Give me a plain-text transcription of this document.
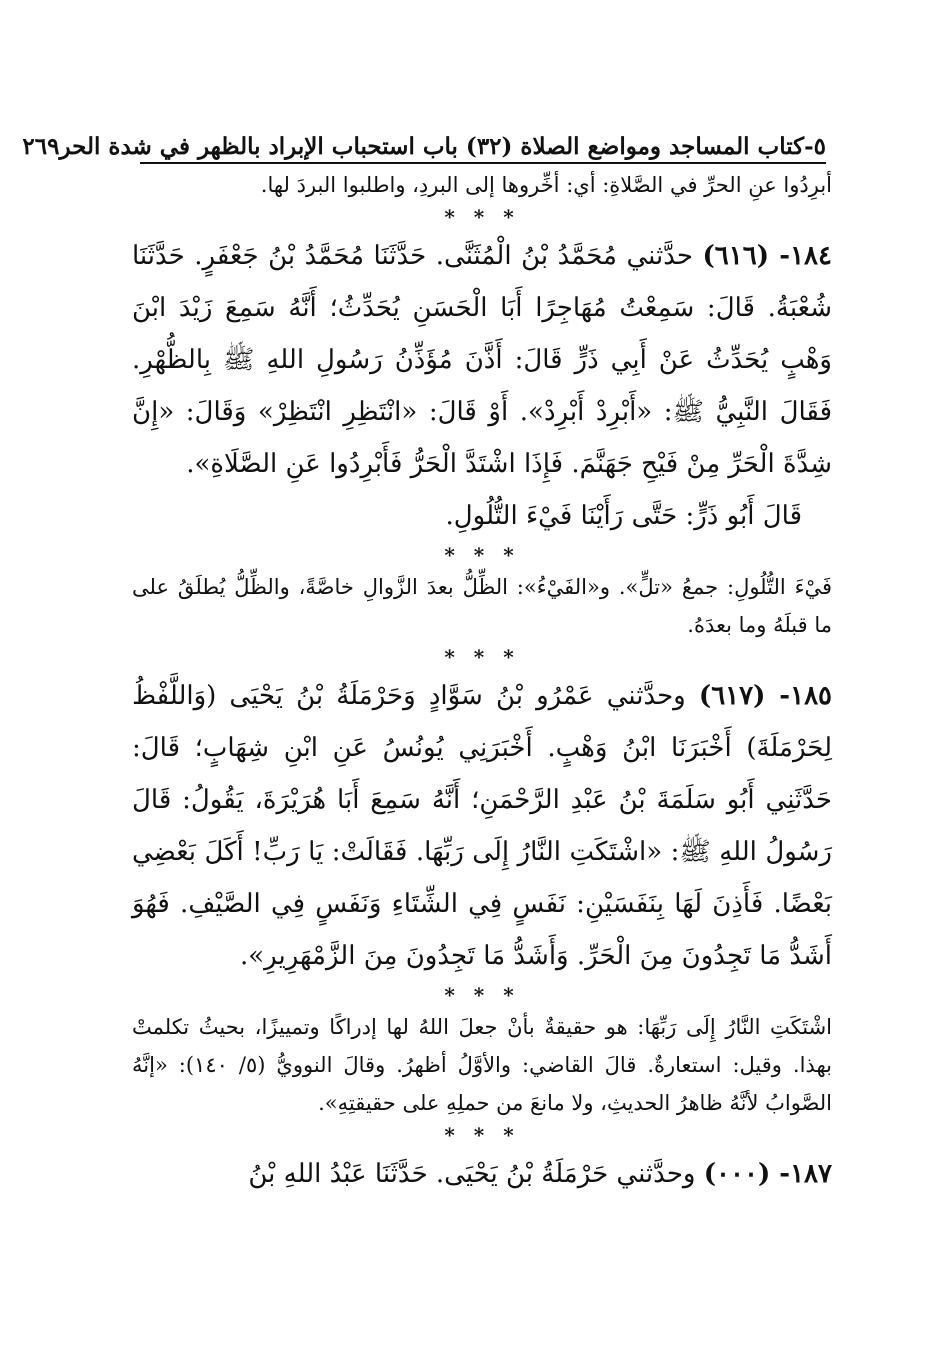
٥-كتاب المساجد ومواضع الصلاة (٣٢) باب استحباب الإبراد بالظهر في شدة الحر
٢٦٩

أبرِدُوا عنِ الحرِّ في الصَّلاةِ: أي: أخِّروها إلى البردِ، واطلبوا البردَ لها.

* * *

١٨٤- (٦١٦) حدَّثني مُحَمَّدُ بْنُ الْمُثَنَّى. حَدَّثَنَا مُحَمَّدُ بْنُ جَعْفَرٍ. حَدَّثَنَا شُعْبَةُ. قَالَ: سَمِعْتُ مُهَاجِرًا أَبَا الْحَسَنِ يُحَدِّثُ؛ أَنَّهُ سَمِعَ زَيْدَ ابْنَ وَهْبٍ يُحَدِّثُ عَنْ أَبِي ذَرٍّ قَالَ: أَذَّنَ مُؤَذِّنُ رَسُولِ اللهِ ﷺ بِالظُّهْرِ. فَقَالَ النَّبِيُّ ﷺ: «أَبْرِدْ أَبْرِدْ». أَوْ قَالَ: «انْتَظِرِ انْتَظِرْ» وَقَالَ: «إِنَّ شِدَّةَ الْحَرِّ مِنْ فَيْحِ جَهَنَّمَ. فَإِذَا اشْتَدَّ الْحَرُّ فَأَبْرِدُوا عَنِ الصَّلَاةِ».

قَالَ أَبُو ذَرٍّ: حَتَّى رَأَيْنَا فَيْءَ التُّلُولِ.

* * *

فَيْءَ التُّلُولِ: جمعُ «تلٍّ». و«الفَيْءُ»: الظِّلُّ بعدَ الزَّوالِ خاصَّةً، والظِّلُّ يُطلَقُ على ما قبلَهُ وما بعدَهُ.

* * *

١٨٥- (٦١٧) وحدَّثني عَمْرُو بْنُ سَوَّادٍ وَحَرْمَلَةُ بْنُ يَحْيَى (وَاللَّفْظُ لِحَرْمَلَةَ) أَخْبَرَنَا ابْنُ وَهْبٍ. أَخْبَرَنِي يُونُسُ عَنِ ابْنِ شِهَابٍ؛ قَالَ: حَدَّثَنِي أَبُو سَلَمَةَ بْنُ عَبْدِ الرَّحْمَنِ؛ أَنَّهُ سَمِعَ أَبَا هُرَيْرَةَ، يَقُولُ: قَالَ رَسُولُ اللهِ ﷺ: «اشْتَكَتِ النَّارُ إِلَى رَبِّهَا. فَقَالَتْ: يَا رَبِّ! أَكَلَ بَعْضِي بَعْضًا. فَأَذِنَ لَهَا بِنَفَسَيْنِ: نَفَسٍ فِي الشِّتَاءِ وَنَفَسٍ فِي الصَّيْفِ. فَهُوَ أَشَدُّ مَا تَجِدُونَ مِنَ الْحَرِّ. وَأَشَدُّ مَا تَجِدُونَ مِنَ الزَّمْهَرِيرِ».

* * *

اشْتَكَتِ النَّارُ إِلَى رَبِّهَا: هو حقيقةٌ بأنْ جعلَ اللهُ لها إدراكًا وتمييزًا، بحيثُ تكلمتْ بهذا. وقيل: استعارةٌ. قالَ القاضي: والأوَّلُ أظهرُ. وقالَ النوويُّ (٥/ ١٤٠): «إنَّهُ الصَّوابُ لأنَّهُ ظاهرُ الحديثِ، ولا مانعَ من حملِهِ على حقيقتِهِ».

* * *

١٨٧- (٠٠٠) وحدَّثني حَرْمَلَةُ بْنُ يَحْيَى. حَدَّثَنَا عَبْدُ اللهِ بْنُ
